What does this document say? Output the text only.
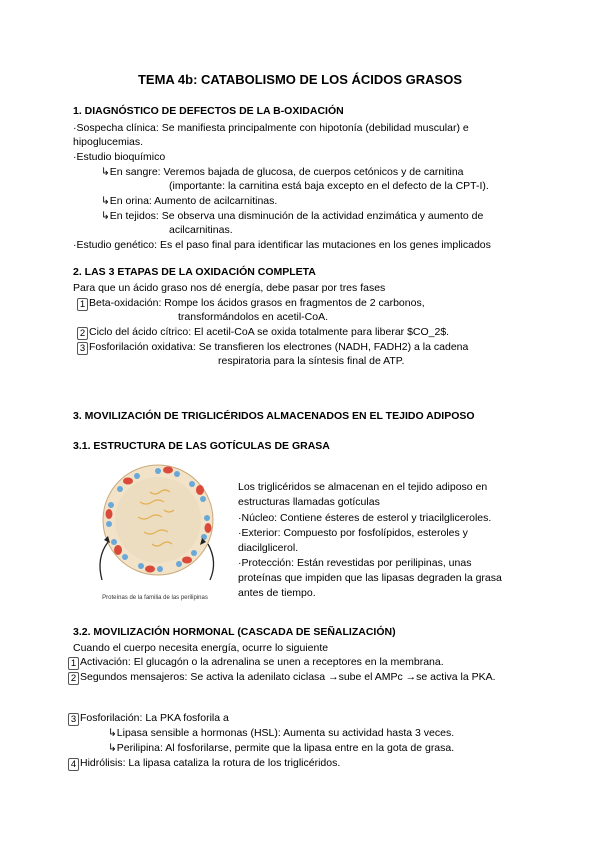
TEMA 4b: CATABOLISMO DE LOS ÁCIDOS GRASOS
1. DIAGNÓSTICO DE DEFECTOS DE LA B-OXIDACIÓN
·Sospecha clínica: Se manifiesta principalmente con hipotonía (debilidad muscular) e
hipoglucemias.
·Estudio bioquímico
↳En sangre: Veremos bajada de glucosa, de cuerpos cetónicos y de carnitina
(importante: la carnitina está baja excepto en el defecto de la CPT-I).
↳En orina: Aumento de acilcarnitinas.
↳En tejidos: Se observa una disminución de la actividad enzimática y aumento de
acilcarnitinas.
·Estudio genético: Es el paso final para identificar las mutaciones en los genes implicados
2. LAS 3 ETAPAS DE LA OXIDACIÓN COMPLETA
Para que un ácido graso nos dé energía, debe pasar por tres fases
1 Beta-oxidación: Rompe los ácidos grasos en fragmentos de 2 carbonos,
transformándolos en acetil-CoA.
2 Ciclo del ácido cítrico: El acetil-CoA se oxida totalmente para liberar $CO_2$.
3 Fosforilación oxidativa: Se transfieren los electrones (NADH, FADH2) a la cadena
respiratoria para la síntesis final de ATP.
3. MOVILIZACIÓN DE TRIGLICÉRIDOS ALMACENADOS EN EL TEJIDO ADIPOSO
3.1. ESTRUCTURA DE LAS GOTÍCULAS DE GRASA
Proteínas de la familia de las perilipinas
Los triglicéridos se almacenan en el tejido adiposo en
estructuras llamadas gotículas
·Núcleo: Contiene ésteres de esterol y triacilgliceroles.
·Exterior: Compuesto por fosfolípidos, esteroles y
diacilglicerol.
·Protección: Están revestidas por perilipinas, unas
proteínas que impiden que las lipasas degraden la grasa
antes de tiempo.
3.2. MOVILIZACIÓN HORMONAL (CASCADA DE SEÑALIZACIÓN)
Cuando el cuerpo necesita energía, ocurre lo siguiente
1 Activación: El glucagón o la adrenalina se unen a receptores en la membrana.
2 Segundos mensajeros: Se activa la adenilato ciclasa →sube el AMPc →se activa la PKA.
3 Fosforilación: La PKA fosforila a
↳Lipasa sensible a hormonas (HSL): Aumenta su actividad hasta 3 veces.
↳Perilipina: Al fosforilarse, permite que la lipasa entre en la gota de grasa.
4 Hidrólisis: La lipasa cataliza la rotura de los triglicéridos.
